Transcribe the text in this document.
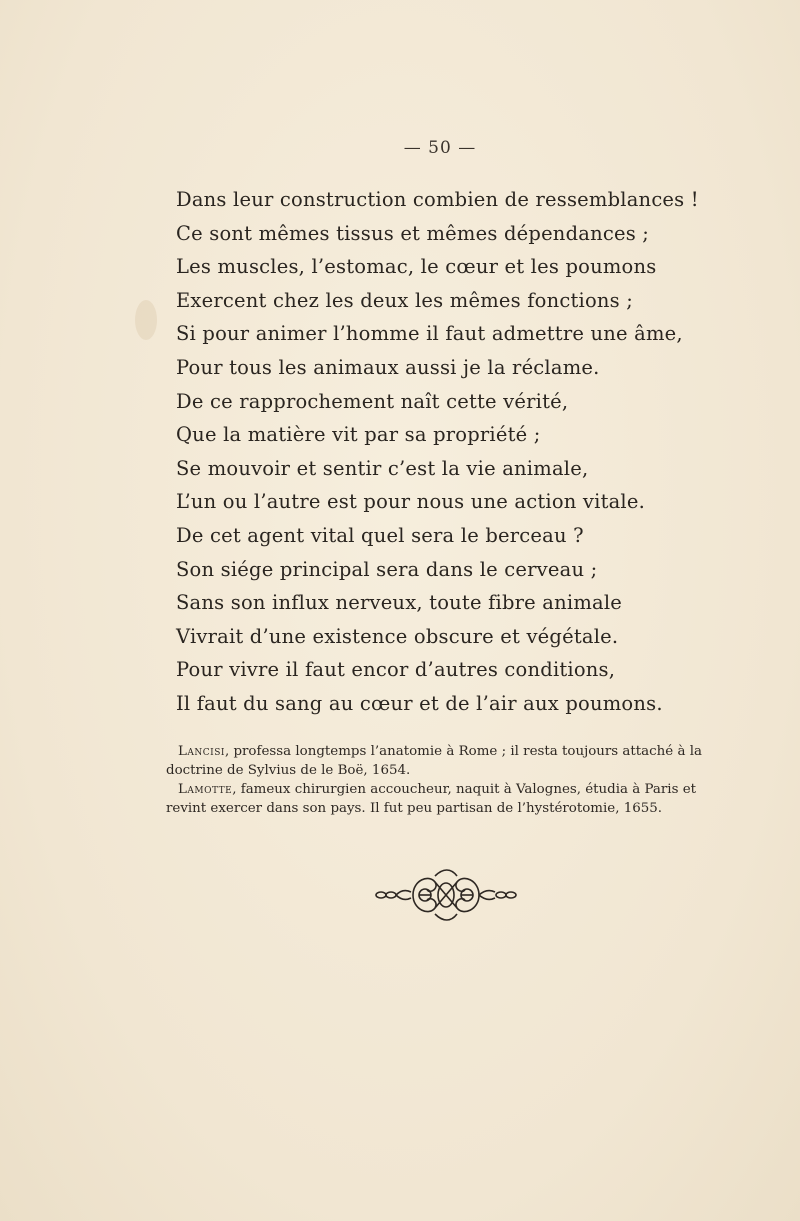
— 50 —
Dans leur construction combien de ressemblances !
Ce sont mêmes tissus et mêmes dépendances ;
Les muscles, l’estomac, le cœur et les poumons
Exercent chez les deux les mêmes fonctions ;
Si pour animer l’homme il faut admettre une âme,
Pour tous les animaux aussi je la réclame.
De ce rapprochement naît cette vérité,
Que la matière vit par sa propriété ;
Se mouvoir et sentir c’est la vie animale,
L’un ou l’autre est pour nous une action vitale.
De cet agent vital quel sera le berceau ?
Son siége principal sera dans le cerveau ;
Sans son influx nerveux, toute fibre animale
Vivrait d’une existence obscure et végétale.
Pour vivre il faut encor d’autres conditions,
Il faut du sang au cœur et de l’air aux poumons.

Lancisi, professa longtemps l’anatomie à Rome ; il resta toujours attaché à la
doctrine de Sylvius de le Boë, 1654.

Lamotte, fameux chirurgien accoucheur, naquit à Valognes, étudia à Paris et
revint exercer dans son pays. Il fut peu partisan de l’hystérotomie, 1655.
